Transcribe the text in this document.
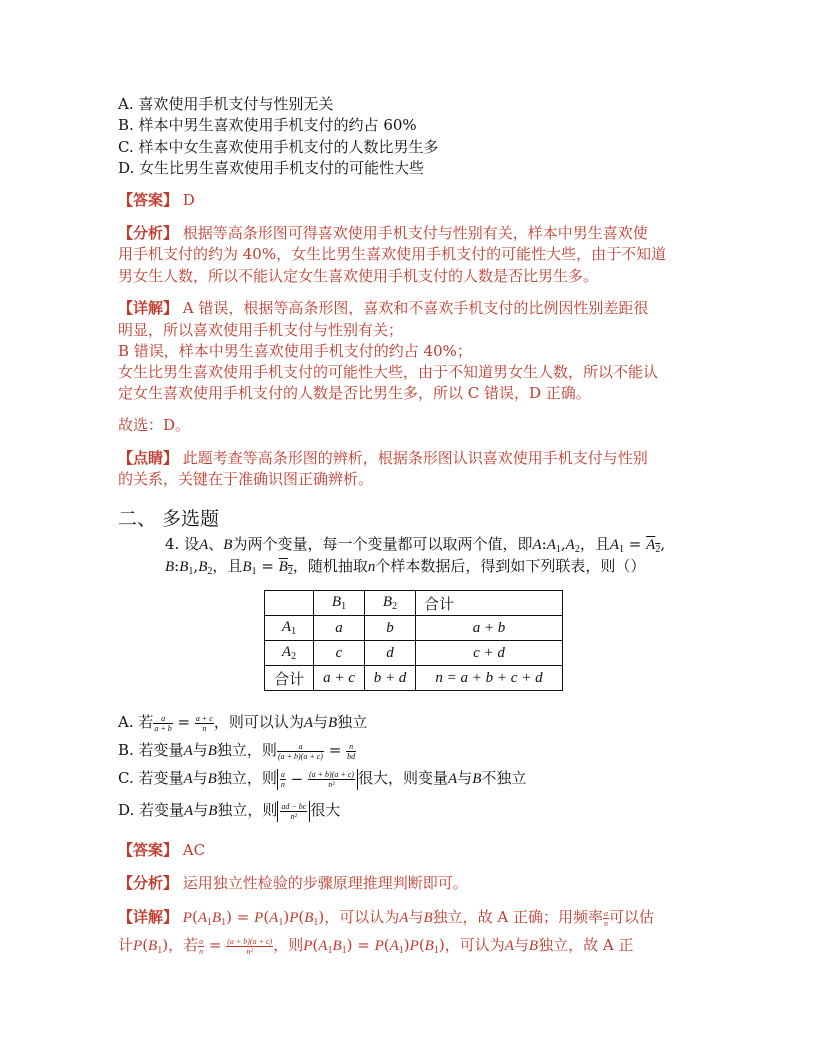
A. 喜欢使用手机支付与性别无关
B. 样本中男生喜欢使用手机支付的约占 60%
C. 样本中女生喜欢使用手机支付的人数比男生多
D. 女生比男生喜欢使用手机支付的可能性大些
【答案】 D
【分析】 根据等高条形图可得喜欢使用手机支付与性别有关，样本中男生喜欢使
用手机支付的约为 40%，女生比男生喜欢使用手机支付的可能性大些，由于不知道
男女生人数，所以不能认定女生喜欢使用手机支付的人数是否比男生多。
【详解】 A 错误，根据等高条形图，喜欢和不喜欢手机支付的比例因性别差距很
明显，所以喜欢使用手机支付与性别有关；
B 错误，样本中男生喜欢使用手机支付的约占 40%；
女生比男生喜欢使用手机支付的可能性大些，由于不知道男女生人数，所以不能认
定女生喜欢使用手机支付的人数是否比男生多，所以 C 错误，D 正确。
故选：D。
【点睛】 此题考查等高条形图的辨析，根据条形图认识喜欢使用手机支付与性别
的关系，关键在于准确识图正确辨析。
二、 多选题
4. 设A、B为两个变量，每一个变量都可以取两个值，即$A:A_1,A_2$，且$A_1 = A_2$,
$B:B_1,B_2$，且$B_1 = B_2$，随机抽取n个样本数据后，得到如下列联表，则（）
	$B_1$	$B_2$	合计
$A_1$	a	b	a + b
$A_2$	c	d	c + d
合计	a + c	b + d	n = a + b + c + d
A. 若 $\frac{a}{a + b} = \frac{a + c}{n}$ ，则可以认为A与B独立
B. 若变量A与B独立，则 $\frac{a}{(a + b)(a + c)} = \frac{n}{bd}$
C. 若变量A与B独立，则 $\frac{a}{n} - \frac{(a + b)(a + c)}{\text{n²}}$ 很大，则变量A与B不独立
D. 若变量A与B独立，则 $\frac{ad - bc}{\text{n²}}$ 很大
【答案】 AC
【分析】 运用独立性检验的步骤原理推理判断即可。
【详解】 $P(A_1B_1) = P(A_1)P(B_1)$，可以认为A与B独立，故 A 正确；用频率 $\frac{a}{n}$ 可以估
计$P(B_1)$，若 $\frac{a}{n} = \frac{(a + b)(a + c)}{\text{n²}}$ ，则$P(A_1B_1) = P(A_1)P(B_1)$，可认为A与B独立，故 A 正
